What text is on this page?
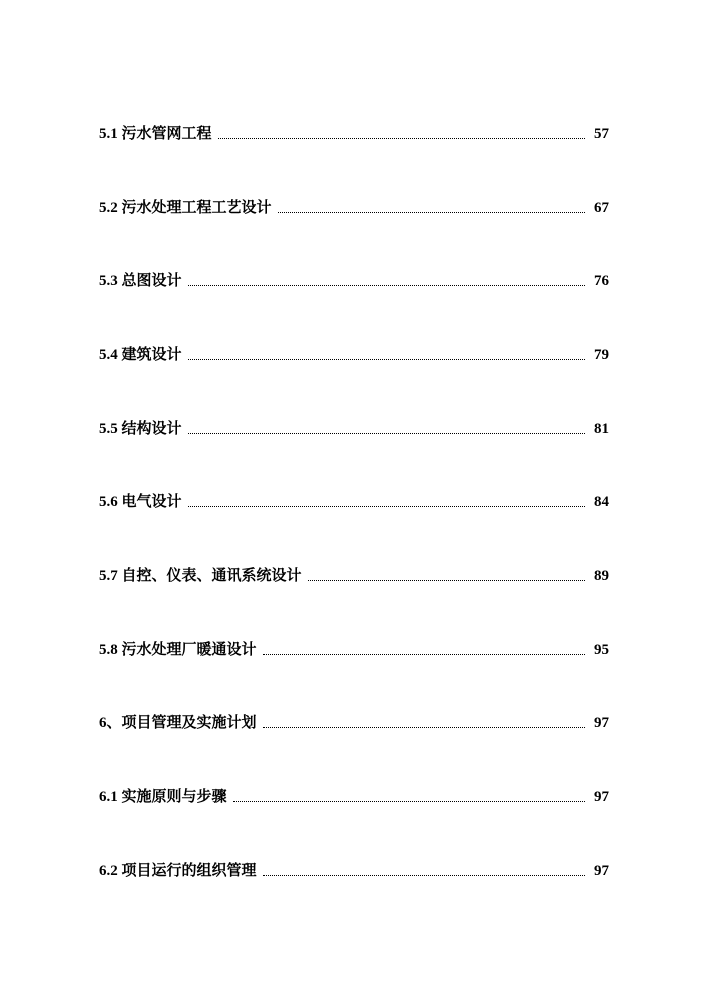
5.1 污水管网工程	57
5.2 污水处理工程工艺设计	67
5.3 总图设计	76
5.4 建筑设计	79
5.5 结构设计	81
5.6 电气设计	84
5.7 自控、仪表、通讯系统设计	89
5.8 污水处理厂暖通设计	95
6、项目管理及实施计划	97
6.1 实施原则与步骤	97
6.2 项目运行的组织管理	97
